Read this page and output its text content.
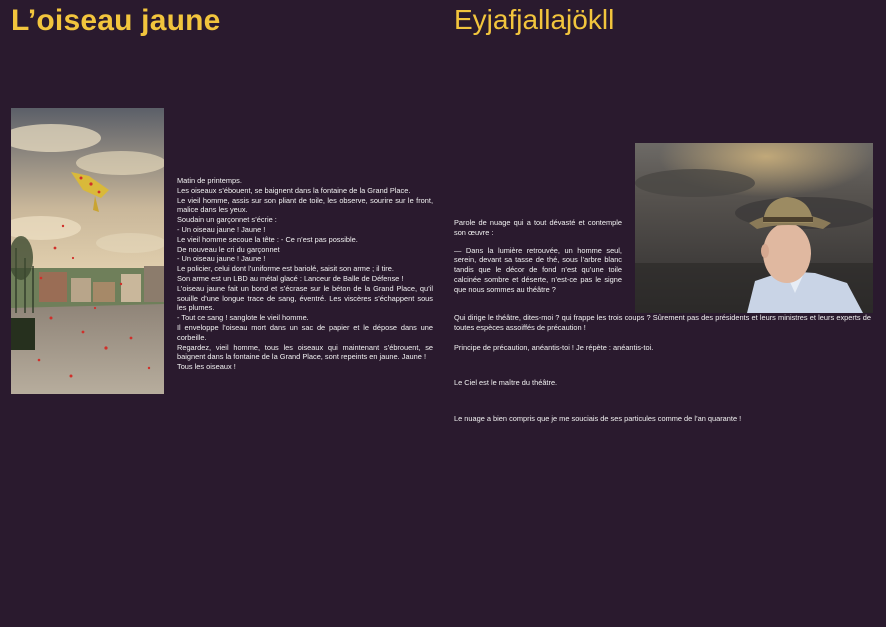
L’oiseau jaune	Eyjafjallajökll
Matin de printemps.
Les oiseaux s’ébouent, se baignent dans la fontaine de la Grand Place.
Le vieil homme, assis sur son pliant de toile, les observe, sourire sur le front, malice dans les yeux.
Soudain un garçonnet s’écrie :
- Un oiseau jaune ! Jaune !
Le vieil homme secoue la tête : - Ce n’est pas possible.
De nouveau le cri du garçonnet
- Un oiseau jaune ! Jaune !
Le policier, celui dont l’uniforme est bariolé, saisit son arme ; il tire.
Son arme est un LBD au métal glacé : Lanceur de Balle de Défense !
L’oiseau jaune fait un bond et s’écrase sur le béton de la Grand Place, qu’il souille d’une longue trace de sang, éventré. Les viscères s’échappent sous les plumes.
- Tout ce sang ! sanglote le vieil homme.
Il enveloppe l’oiseau mort dans un sac de papier et le dépose dans une corbeille.
Regardez, vieil homme, tous les oiseaux qui maintenant s’ébrouent, se baignent dans la fontaine de la Grand Place, sont repeints en jaune. Jaune !
Tous les oiseaux !

Parole de nuage qui a tout dévasté et contemple son œuvre :

— Dans la lumière retrouvée, un homme seul, serein, devant sa tasse de thé, sous l’arbre blanc tandis que le décor de fond n’est qu’une toile calcinée sombre et déserte, n’est-ce pas le signe que nous sommes au théâtre ?

Qui dirige le théâtre, dites-moi ? qui frappe les trois coups ? Sûrement pas des présidents et leurs ministres et leurs experts de toutes espèces assoiffés de précaution !

Principe de précaution, anéantis-toi ! Je répète : anéantis-toi.

Le Ciel est le maître du théâtre.

Le nuage a bien compris que je me souciais de ses particules comme de l’an quarante !
